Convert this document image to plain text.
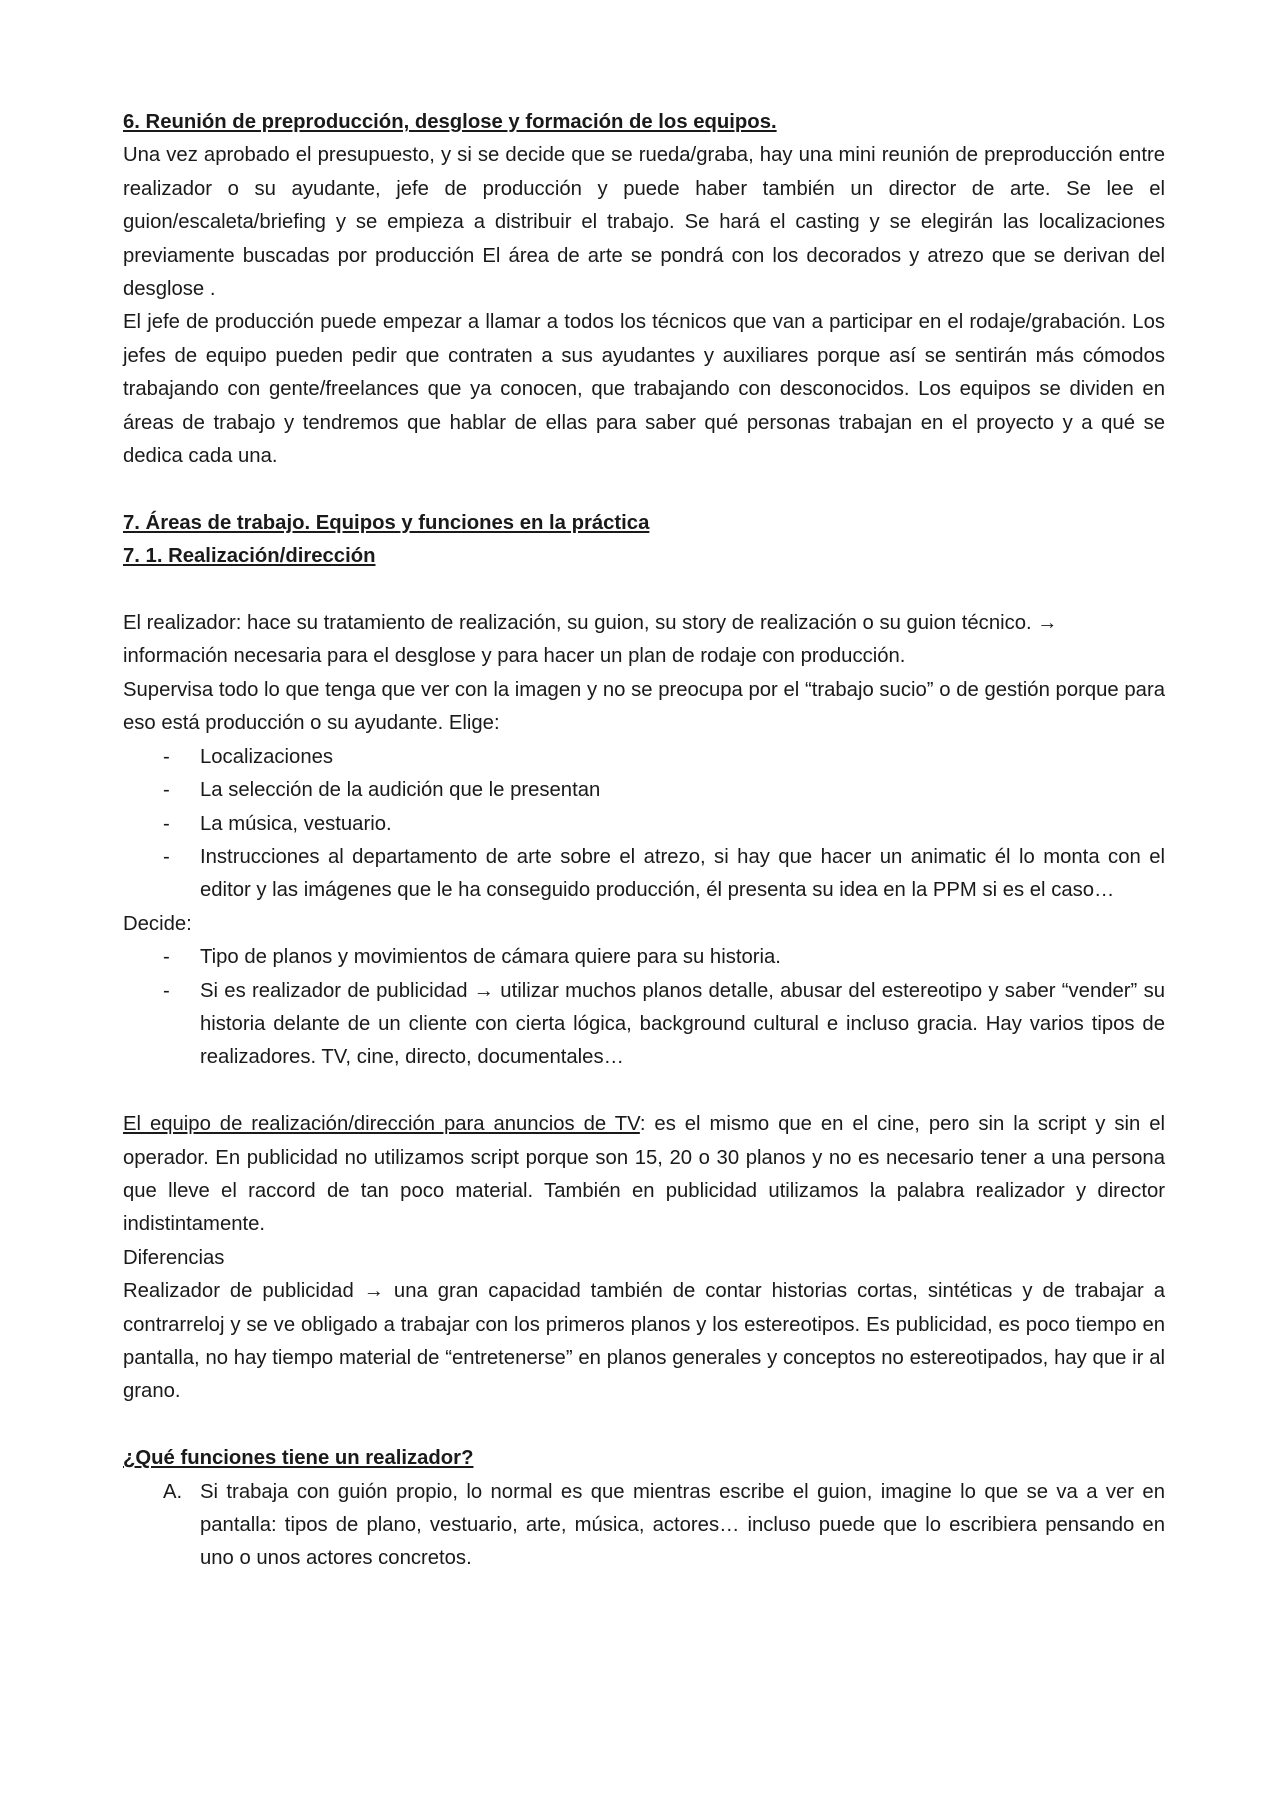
6. Reunión de preproducción, desglose y formación de los equipos.

Una vez aprobado el presupuesto, y si se decide que se rueda/graba, hay una mini reunión de preproducción entre realizador o su ayudante, jefe de producción y puede haber también un director de arte. Se lee el guion/escaleta/briefing y se empieza a distribuir el trabajo. Se hará el casting y se elegirán las localizaciones previamente buscadas por producción El área de arte se pondrá con los decorados y atrezo que se derivan del desglose .

El jefe de producción puede empezar a llamar a todos los técnicos que van a participar en el rodaje/grabación. Los jefes de equipo pueden pedir que contraten a sus ayudantes y auxiliares porque así se sentirán más cómodos trabajando con gente/freelances que ya conocen, que trabajando con desconocidos. Los equipos se dividen en áreas de trabajo y tendremos que hablar de ellas para saber qué personas trabajan en el proyecto y a qué se dedica cada una.

7. Áreas de trabajo. Equipos y funciones en la práctica

7. 1. Realización/dirección

El realizador: hace su tratamiento de realización, su guion, su story de realización o su guion técnico. →

información necesaria para el desglose y para hacer un plan de rodaje con producción.

Supervisa todo lo que tenga que ver con la imagen y no se preocupa por el “trabajo sucio” o de gestión porque para eso está producción o su ayudante. Elige:

- Localizaciones
- La selección de la audición que le presentan
- La música, vestuario.
- Instrucciones al departamento de arte sobre el atrezo, si hay que hacer un animatic él lo monta con el editor y las imágenes que le ha conseguido producción, él presenta su idea en la PPM si es el caso…

Decide:

- Tipo de planos y movimientos de cámara quiere para su historia.
- Si es realizador de publicidad → utilizar muchos planos detalle, abusar del estereotipo y saber “vender” su historia delante de un cliente con cierta lógica, background cultural e incluso gracia. Hay varios tipos de realizadores. TV, cine, directo, documentales…

El equipo de realización/dirección para anuncios de TV: es el mismo que en el cine, pero sin la script y sin el operador. En publicidad no utilizamos script porque son 15, 20 o 30 planos y no es necesario tener a una persona que lleve el raccord de tan poco material. También en publicidad utilizamos la palabra realizador y director indistintamente.

Diferencias

Realizador de publicidad → una gran capacidad también de contar historias cortas, sintéticas y de trabajar a contrarreloj y se ve obligado a trabajar con los primeros planos y los estereotipos. Es publicidad, es poco tiempo en pantalla, no hay tiempo material de “entretenerse” en planos generales y conceptos no estereotipados, hay que ir al grano.

¿Qué funciones tiene un realizador?

A. Si trabaja con guión propio, lo normal es que mientras escribe el guion, imagine lo que se va a ver en pantalla: tipos de plano, vestuario, arte, música, actores… incluso puede que lo escribiera pensando en uno o unos actores concretos.
